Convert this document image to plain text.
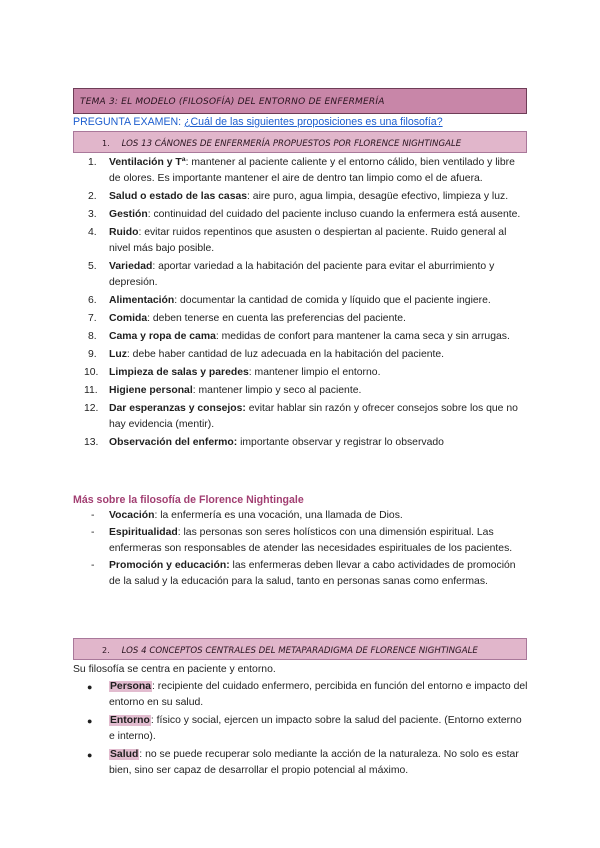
TEMA 3: EL MODELO (FILOSOFÍA) DEL ENTORNO DE ENFERMERÍA
PREGUNTA EXAMEN: ¿Cuál de las siguientes proposiciones es una filosofía?
1. LOS 13 CÁNONES DE ENFERMERÍA PROPUESTOS POR FLORENCE NIGHTINGALE
1.	Ventilación y Tª: mantener al paciente caliente y el entorno cálido, bien ventilado y libre de olores. Es importante mantener el aire de dentro tan limpio como el de afuera.
2.	Salud o estado de las casas: aire puro, agua limpia, desagüe efectivo, limpieza y luz.
3.	Gestión: continuidad del cuidado del paciente incluso cuando la enfermera está ausente.
4.	Ruido: evitar ruidos repentinos que asusten o despiertan al paciente. Ruido general al nivel más bajo posible.
5.	Variedad: aportar variedad a la habitación del paciente para evitar el aburrimiento y depresión.
6.	Alimentación: documentar la cantidad de comida y líquido que el paciente ingiere.
7.	Comida: deben tenerse en cuenta las preferencias del paciente.
8.	Cama y ropa de cama: medidas de confort para mantener la cama seca y sin arrugas.
9.	Luz: debe haber cantidad de luz adecuada en la habitación del paciente.
10.	Limpieza de salas y paredes: mantener limpio el entorno.
11.	Higiene personal: mantener limpio y seco al paciente.
12.	Dar esperanzas y consejos: evitar hablar sin razón y ofrecer consejos sobre los que no hay evidencia (mentir).
13.	Observación del enfermo: importante observar y registrar lo observado
Más sobre la filosofía de Florence Nightingale
- Vocación: la enfermería es una vocación, una llamada de Dios.
- Espiritualidad: las personas son seres holísticos con una dimensión espiritual. Las enfermeras son responsables de atender las necesidades espirituales de los pacientes.
- Promoción y educación: las enfermeras deben llevar a cabo actividades de promoción de la salud y la educación para la salud, tanto en personas sanas como enfermas.
2. LOS 4 CONCEPTOS CENTRALES DEL METAPARADIGMA DE FLORENCE NIGHTINGALE
Su filosofía se centra en paciente y entorno.
● Persona: recipiente del cuidado enfermero, percibida en función del entorno e impacto del entorno en su salud.
● Entorno: físico y social, ejercen un impacto sobre la salud del paciente. (Entorno externo e interno).
● Salud: no se puede recuperar solo mediante la acción de la naturaleza. No solo es estar bien, sino ser capaz de desarrollar el propio potencial al máximo.
